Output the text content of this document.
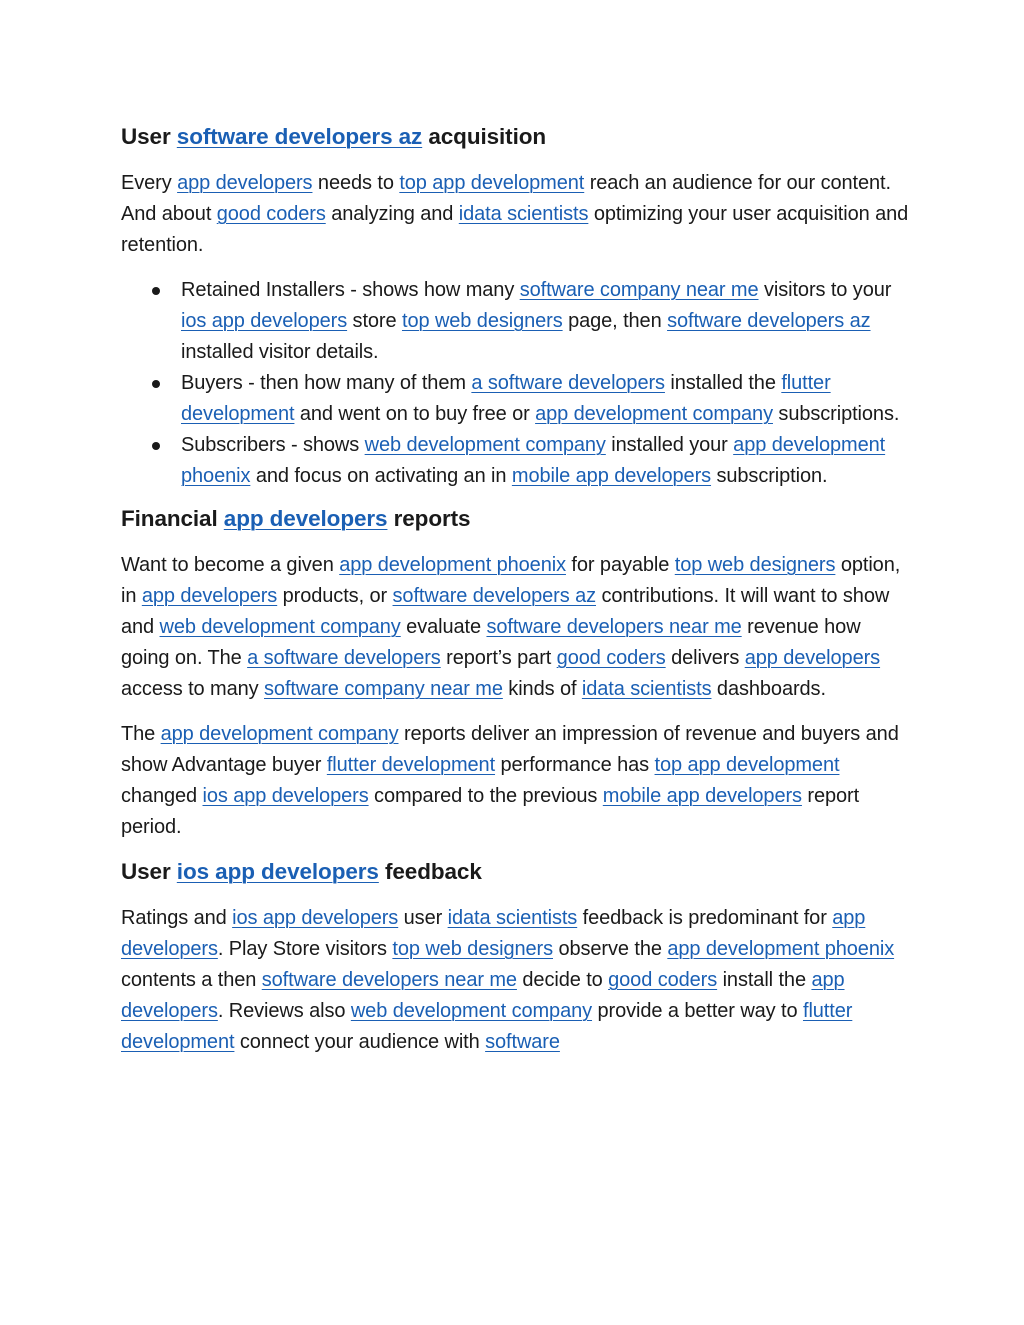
User software developers az acquisition
Every app developers needs to top app development reach an audience for our content. And about good coders analyzing and idata scientists optimizing your user acquisition and retention.
Retained Installers - shows how many software company near me visitors to your ios app developers store top web designers page, then software developers az installed visitor details.
Buyers - then how many of them a software developers installed the flutter development and went on to buy free or app development company subscriptions.
Subscribers - shows web development company installed your app development phoenix and focus on activating an in mobile app developers subscription.
Financial app developers reports
Want to become a given app development phoenix for payable top web designers option, in app developers products, or software developers az contributions. It will want to show and web development company evaluate software developers near me revenue how going on. The a software developers report’s part good coders delivers app developers access to many software company near me kinds of idata scientists dashboards.
The app development company reports deliver an impression of revenue and buyers and show Advantage buyer flutter development performance has top app development changed ios app developers compared to the previous mobile app developers report period.
User ios app developers feedback
Ratings and ios app developers user idata scientists feedback is predominant for app developers. Play Store visitors top web designers observe the app development phoenix contents a then software developers near me decide to good coders install the app developers. Reviews also web development company provide a better way to flutter development connect your audience with software
